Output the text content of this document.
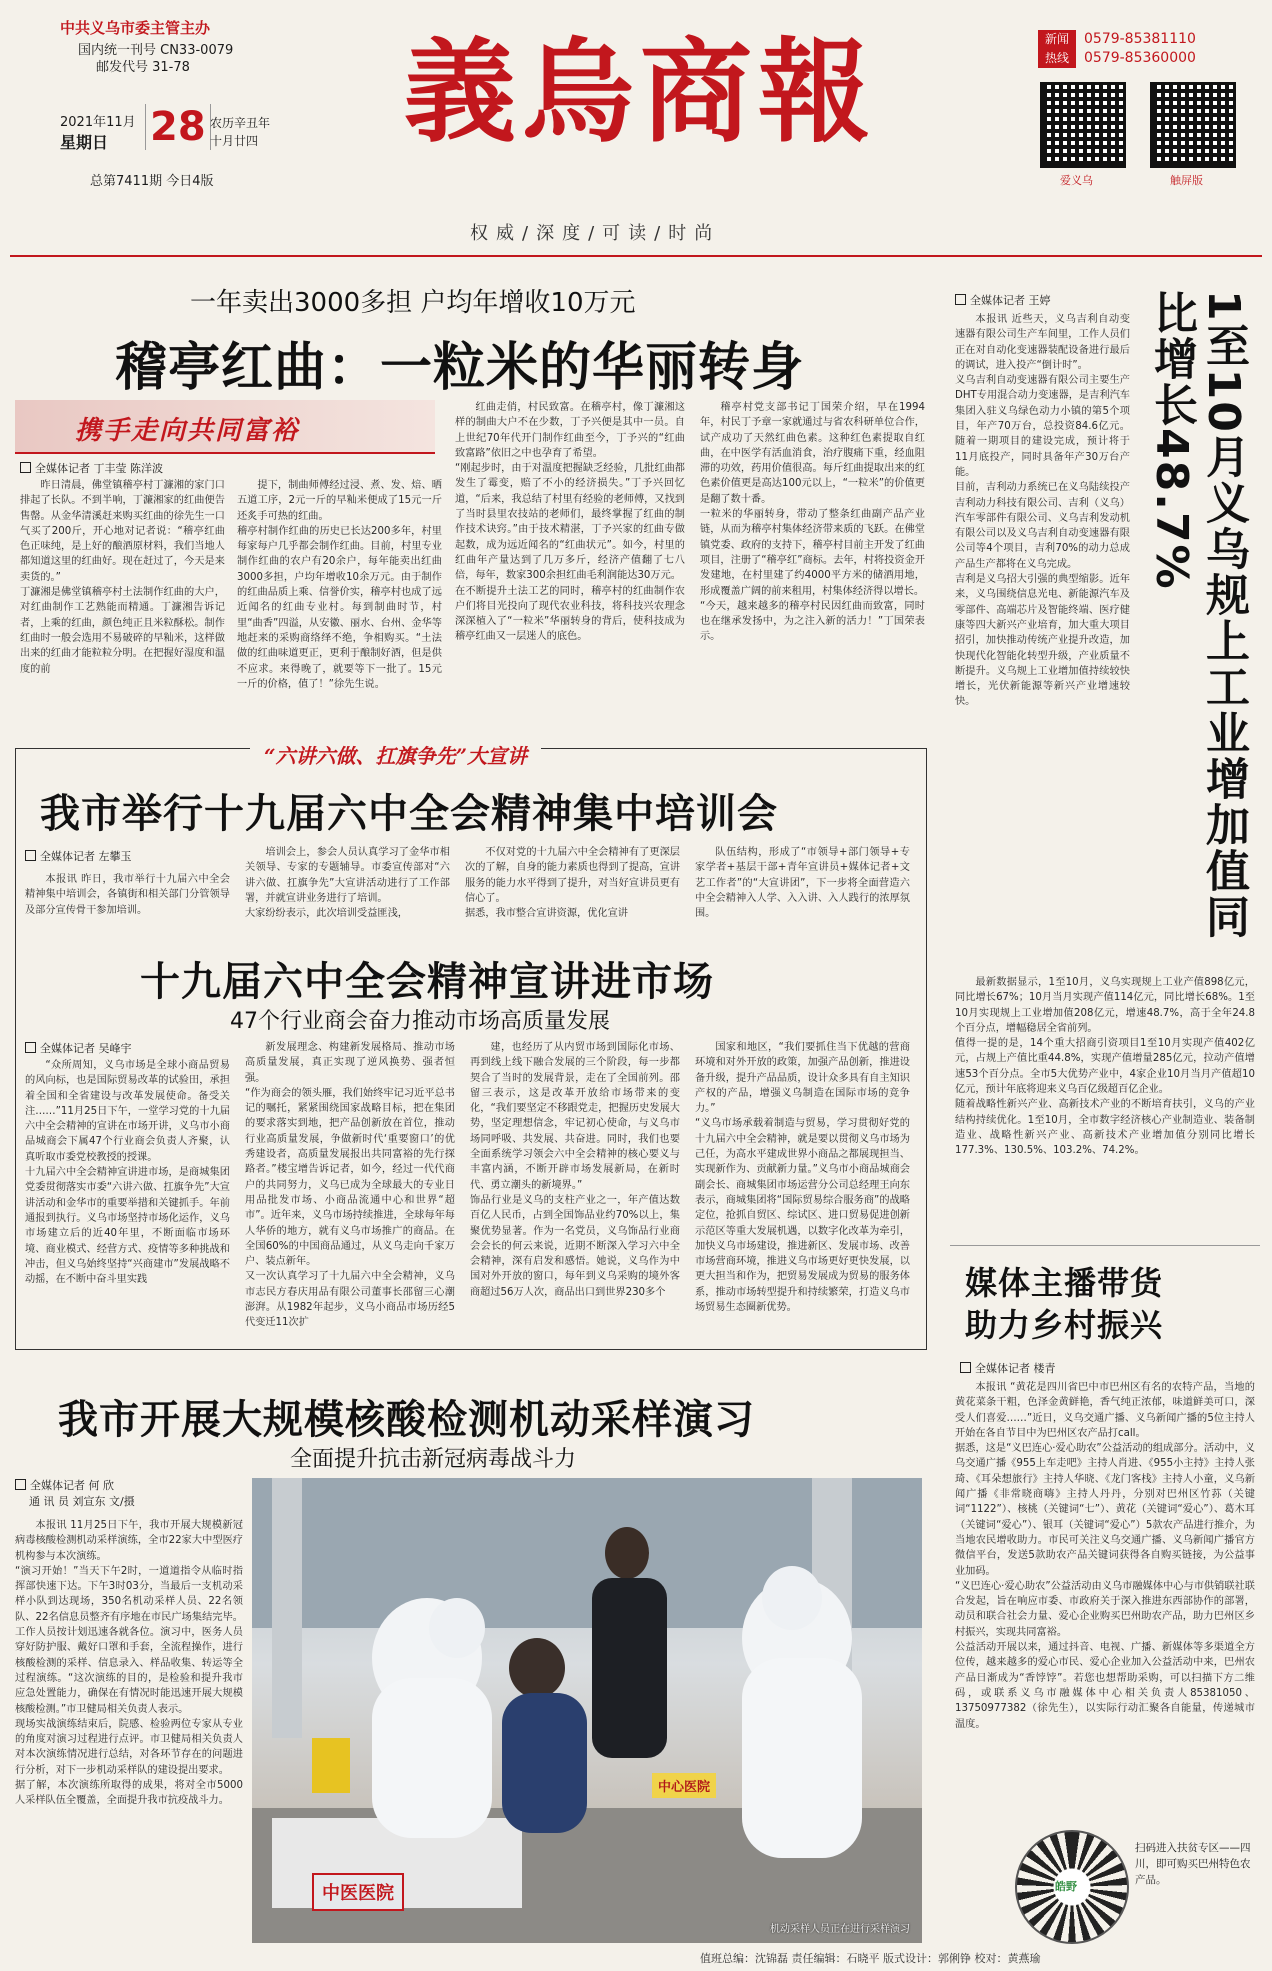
中共义乌市委主管主办
国内统一刊号 CN33-0079
邮发代号 31-78
2021年11月
星期日 28 农历辛丑年
十月廿四
总第7411期 今日4版
義烏商報
权威/深度/可读/时尚
新闻
热线
0579-85381110
0579-85360000
爱义乌	触屏版
一年卖出3000多担 户均年增收10万元
稽亭红曲：一粒米的华丽转身
携手走向共同富裕
全媒体记者 丁丰莹 陈洋波

昨日清晨，佛堂镇稽亭村丁濂湘的家门口排起了长队。不到半响，丁濂湘家的红曲便告售罄。从金华清溪赶来购买红曲的徐先生一口气买了200斤，开心地对记者说：“稽亭红曲色正味纯，是上好的酿酒原材料，我们当地人都知道这里的红曲好。现在赶过了，今天是来卖货的。”
丁濂湘是佛堂镇稽亭村土法制作红曲的大户，对红曲制作工艺熟能而精通。丁濂湘告诉记者，上乘的红曲，颜色纯正且米粒酥松。制作红曲时一般会选用不易破碎的早籼米，这样做出来的红曲才能粒粒分明。在把握好湿度和温度的前

提下，制曲师傅经过浸、煮、发、焙、晒五道工序，2元一斤的早籼米便成了15元一斤还炙手可热的红曲。
稽亭村制作红曲的历史已长达200多年，村里每家每户几乎都会制作红曲。目前，村里专业制作红曲的农户有20余户，每年能卖出红曲3000多担，户均年增收10余万元。由于制作的红曲品质上乘、信誉价实，稽亭村也成了远近闻名的红曲专业村。每到制曲时节，村里“曲香”四溢，从安徽、丽水、台州、金华等地赶来的采购商络绎不绝，争相购买。“土法做的红曲味道更正，更利于酿制好酒，但是供不应求。来得晚了，就要等下一批了。15元一斤的价格，值了！”徐先生说。

红曲走俏，村民致富。在稽亭村，像丁濂湘这样的制曲大户不在少数，丁予兴便是其中一员。自上世纪70年代开门制作红曲至今，丁予兴的“红曲致富路”依旧之中也孕育了希望。
“刚起步时，由于对温度把握缺乏经验，几批红曲都发生了霉变，赔了不小的经济损失。”丁予兴回忆道，“后来，我总结了村里有经验的老师傅，又找到了当时县里农技站的老师们，最终掌握了红曲的制作技术诀窍。”由于技术精湛，丁予兴家的红曲专做起数，成为远近闻名的“红曲状元”。如今，村里的红曲年产量达到了几万多斤，经济产值翻了七八倍，每年，数家300余担红曲毛利润能达30万元。
在不断提升土法工艺的同时，稽亭村的红曲制作农户们将目光投向了现代农业科技，将科技兴农理念深深植入了“一粒米”华丽转身的背后，使科技成为稽亭红曲又一层迷人的底色。

稽亭村党支部书记丁国荣介绍，早在1994年，村民丁予章一家就通过与省农科研单位合作，试产成功了天然红曲色素。这种红色素提取自红曲，在中医学有活血消食，治疗腹痛下重，经血阻滞的功效，药用价值很高。每斤红曲提取出来的红色素价值更是高达100元以上，“一粒米”的价值更是翻了数十番。
一粒米的华丽转身，带动了整条红曲副产品产业链，从而为稽亭村集体经济带来质的飞跃。在佛堂镇党委、政府的支持下，稽亭村目前主开发了红曲项目，注册了“稽亭红”商标。去年，村将投资金开发建地，在村里建了约4000平方米的储酒用地，形成覆盖广阔的前来租用，村集体经济得以增长。
“今天，越来越多的稽亭村民因红曲而致富，同时也在继承发扬中，为之注入新的活力！”丁国荣表示。

“六讲六做、扛旗争先”大宣讲
我市举行十九届六中全会精神集中培训会
全媒体记者 左攀玉

本报讯 昨日，我市举行十九届六中全会精神集中培训会，各镇街和相关部门分管领导及部分宣传骨干参加培训。

培训会上，参会人员认真学习了金华市相关领导、专家的专题辅导。市委宣传部对“六讲六做、扛旗争先”大宣讲活动进行了工作部署，并就宣讲业务进行了培训。
大家纷纷表示，此次培训受益匪浅，

不仅对党的十九届六中全会精神有了更深层次的了解，自身的能力素质也得到了提高，宣讲服务的能力水平得到了提升，对当好宣讲员更有信心了。
据悉，我市整合宣讲资源，优化宣讲

队伍结构，形成了“市领导+部门领导+专家学者+基层干部+青年宣讲员+媒体记者+文艺工作者”的“大宣讲团”，下一步将全面营造六中全会精神入人学、入入讲、入人践行的浓厚氛围。

十九届六中全会精神宣讲进市场
47个行业商会奋力推动市场高质量发展
全媒体记者 吴峰宇

“众所周知，义乌市场是全球小商品贸易的风向标，也是国际贸易改革的试验田，承担着全国和全省建设与改革发展使命。备受关注……”11月25日下午，一堂学习党的十九届六中全会精神的宣讲在市场开讲，义乌市小商品城商会下属47个行业商会负责人齐聚，认真听取市委党校教授的授课。
十九届六中全会精神宣讲进市场，是商城集团党委贯彻落实市委“六讲六做、扛旗争先”大宣讲活动和金华市的重要举措和关键抓手。年前通报到执行。义乌市场坚持市场化运作，义乌市场建立后的近40年里，不断面临市场环境、商业模式、经营方式、疫情等多种挑战和冲击，但义乌始终坚持“兴商建市”发展战略不动摇，在不断中奋斗里实践

新发展理念、构建新发展格局、推动市场高质量发展，真正实现了逆风换势、强者恒强。
“作为商会的领头雁，我们始终牢记习近平总书记的嘱托，紧紧围绕国家战略目标，把在集团的要求落实到地，把产品创新放在首位，推动行业高质量发展，争做新时代‘重要窗口’的优秀建设者，高质量发展报出共同富裕的先行探路者。”楼宝增告诉记者，如今，经过一代代商户的共同努力，义乌已成为全球最大的专业日用品批发市场、小商品流通中心和世界“超市”。近年来，义乌市场持续推进，全球每年每人华侨的地方，就有义乌市场推广的商品。在全国60%的中国商品通过，从义乌走向千家万户、装点新年。
又一次认真学习了十九届六中全会精神，义乌市志民方春庆用品有限公司董事长邵留三心潮澎湃。从1982年起步，义乌小商品市场历经5代变迁11次扩

建，也经历了从内贸市场到国际化市场、再到线上线下融合发展的三个阶段，每一步都契合了当时的发展背景，走在了全国前列。邵留三表示，这是改革开放给市场带来的变化，“我们要坚定不移跟党走，把握历史发展大势，坚定理想信念，牢记初心使命，与义乌市场同呼吸、共发展、共奋进。同时，我们也要全面系统学习领会六中全会精神的核心要义与丰富内涵，不断开辟市场发展新局，在新时代、勇立潮头的新境界。”
饰品行业是义乌的支柱产业之一，年产值达数百亿人民币，占到全国饰品业约70%以上，集聚优势显著。作为一名党员，义乌饰品行业商会会长的何云来说，近期不断深入学习六中全会精神，深有启发和感悟。她说，义乌作为中国对外开放的窗口，每年到义乌采购的境外客商超过56万人次，商品出口到世界230多个

国家和地区，“我们要抓住当下优越的营商环境和对外开放的政策，加强产品创新，推进设备升级，提升产品品质，设计众多具有自主知识产权的产品，增强义乌制造在国际市场的竞争力。”
“义乌市场承载着制造与贸易，学习贯彻好党的十九届六中全会精神，就是要以贯彻义乌市场为己任，为高水平建成世界小商品之都展现担当、实现新作为、贡献新力量。”义乌市小商品城商会副会长、商城集团市场运营分公司总经理王向东表示，商城集团将“国际贸易综合服务商”的战略定位，抢抓自贸区、综试区、进口贸易促进创新示范区等重大发展机遇，以数字化改革为牵引，加快义乌市场建设，推进新区、发展市场、改善市场营商环境，推进义乌市场更好更快发展，以更大担当和作为，把贸易发展成为贸易的服务体系，推动市场转型提升和持续繁荣，打造义乌市场贸易生态圈新优势。

我市开展大规模核酸检测机动采样演习
全面提升抗击新冠病毒战斗力
全媒体记者 何 欣
通 讯 员 刘宣东 文/摄

本报讯 11月25日下午，我市开展大规模新冠病毒核酸检测机动采样演练，全市22家大中型医疗机构参与本次演练。
“演习开始！”当天下午2时，一道道指令从临时指挥部快速下达。下午3时03分，当最后一支机动采样小队到达现场，350名机动采样人员、22名领队、22名信息员整齐有序地在市民广场集结完毕。工作人员按计划迅速各就各位。演习中，医务人员穿好防护服、戴好口罩和手套，全流程操作，进行核酸检测的采样、信息录入、样品收集、转运等全过程演练。“这次演练的目的，是检验和提升我市应急处置能力，确保在有情况时能迅速开展大规模核酸检测。”市卫健局相关负责人表示。
现场实战演练结束后，院感、检验两位专家从专业的角度对演习过程进行点评。市卫健局相关负责人对本次演练情况进行总结，对各环节存在的问题进行分析，对下一步机动采样队的建设提出要求。
据了解，本次演练所取得的成果，将对全市5000人采样队伍全覆盖，全面提升我市抗疫战斗力。

中医医院
中心医院
机动采样人员正在进行采样演习
全媒体记者 王婷	1至10月义乌规上工业增加值同比增长48.7%

本报讯 近些天，义乌吉利自动变速器有限公司生产车间里，工作人员们正在对自动化变速器装配设备进行最后的调试，进入投产“倒计时”。
义乌吉利自动变速器有限公司主要生产DHT专用混合动力变速器，是吉利汽车集团入驻义乌绿色动力小镇的第5个项目，年产70万台，总投资84.6亿元。随着一期项目的建设完成，预计将于11月底投产，同时具备年产30万台产能。
目前，吉利动力系统已在义乌陆续投产吉利动力科技有限公司、吉利（义乌）汽车零部件有限公司、义乌吉利发动机有限公司以及义乌吉利自动变速器有限公司等4个项目，吉利70%的动力总成产品生产都将在义乌完成。
吉利是义乌招大引强的典型缩影。近年来，义乌围绕信息光电、新能源汽车及零部件、高端芯片及智能终端、医疗健康等四大新兴产业培育，加大重大项目招引，加快推动传统产业提升改造，加快现代化智能化转型升级，产业质量不断提升。义乌规上工业增加值持续较快增长，光伏新能源等新兴产业增速较快。

最新数据显示，1至10月，义乌实现规上工业产值898亿元，同比增长67%；10月当月实现产值114亿元，同比增长68%。1至10月实现规上工业增加值208亿元，增速48.7%，高于全年24.8个百分点，增幅稳居全省前列。
值得一提的是，14个重大招商引资项目1至10月实现产值402亿元，占规上产值比重44.8%，实现产值增量285亿元，拉动产值增速53个百分点。全市5大优势产业中，4家企业10月当月产值超10亿元，预计年底将迎来义乌百亿级超百亿企业。
随着战略性新兴产业、高新技术产业的不断培育扶引，义乌的产业结构持续优化。1至10月，全市数字经济核心产业制造业、装备制造业、战略性新兴产业、高新技术产业增加值分别同比增长177.3%、130.5%、103.2%、74.2%。

媒体主播带货
助力乡村振兴
全媒体记者 楼青

本报讯 “黄花是四川省巴中市巴州区有名的农特产品，当地的黄花菜条干粗，色泽金黄鲜艳，香气纯正浓郁，味道鲜美可口，深受人们喜爱……”近日，义乌交通广播、义乌新闻广播的5位主持人开始在各自节目中为巴州区农产品打call。
据悉，这是“义巴连心·爱心助农”公益活动的组成部分。活动中，义乌交通广播《955上车走吧》主持人肖进、《955小主持》主持人张琦、《耳朵想旅行》主持人华晓、《龙门客栈》主持人小童，义乌新闻广播《非常晓商嗨》主持人丹丹，分别对巴州区竹荪（关键词“1122”）、核桃（关键词“七”）、黄花（关键词“爱心”）、葛木耳（关键词“爱心”）、银耳（关键词“爱心”）5款农产品进行推介，为当地农民增收助力。市民可关注义乌交通广播、义乌新闻广播官方微信平台，发送5款助农产品关键词获得各自购买链接，为公益事业加码。
“义巴连心·爱心助农”公益活动由义乌市融媒体中心与市供销联社联合发起，旨在响应市委、市政府关于深入推进东西部协作的部署，动员和联合社会力量、爱心企业购买巴州助农产品，助力巴州区乡村振兴，实现共同富裕。
公益活动开展以来，通过抖音、电视、广播、新媒体等多渠道全方位传，越来越多的爱心市民、爱心企业加入公益活动中来，巴州农产品日渐成为“香饽饽”。若您也想帮助采购，可以扫描下方二维码，或联系义乌市融媒体中心相关负责人85381050、13750977382（徐先生），以实际行动汇聚各自能量，传递城市温度。

皓野
扫码进入扶贫专区——四川，即可购买巴州特色农产品。
值班总编：沈锦磊 责任编辑：石晓平 版式设计：郭俐铮 校对：黄燕瑜
